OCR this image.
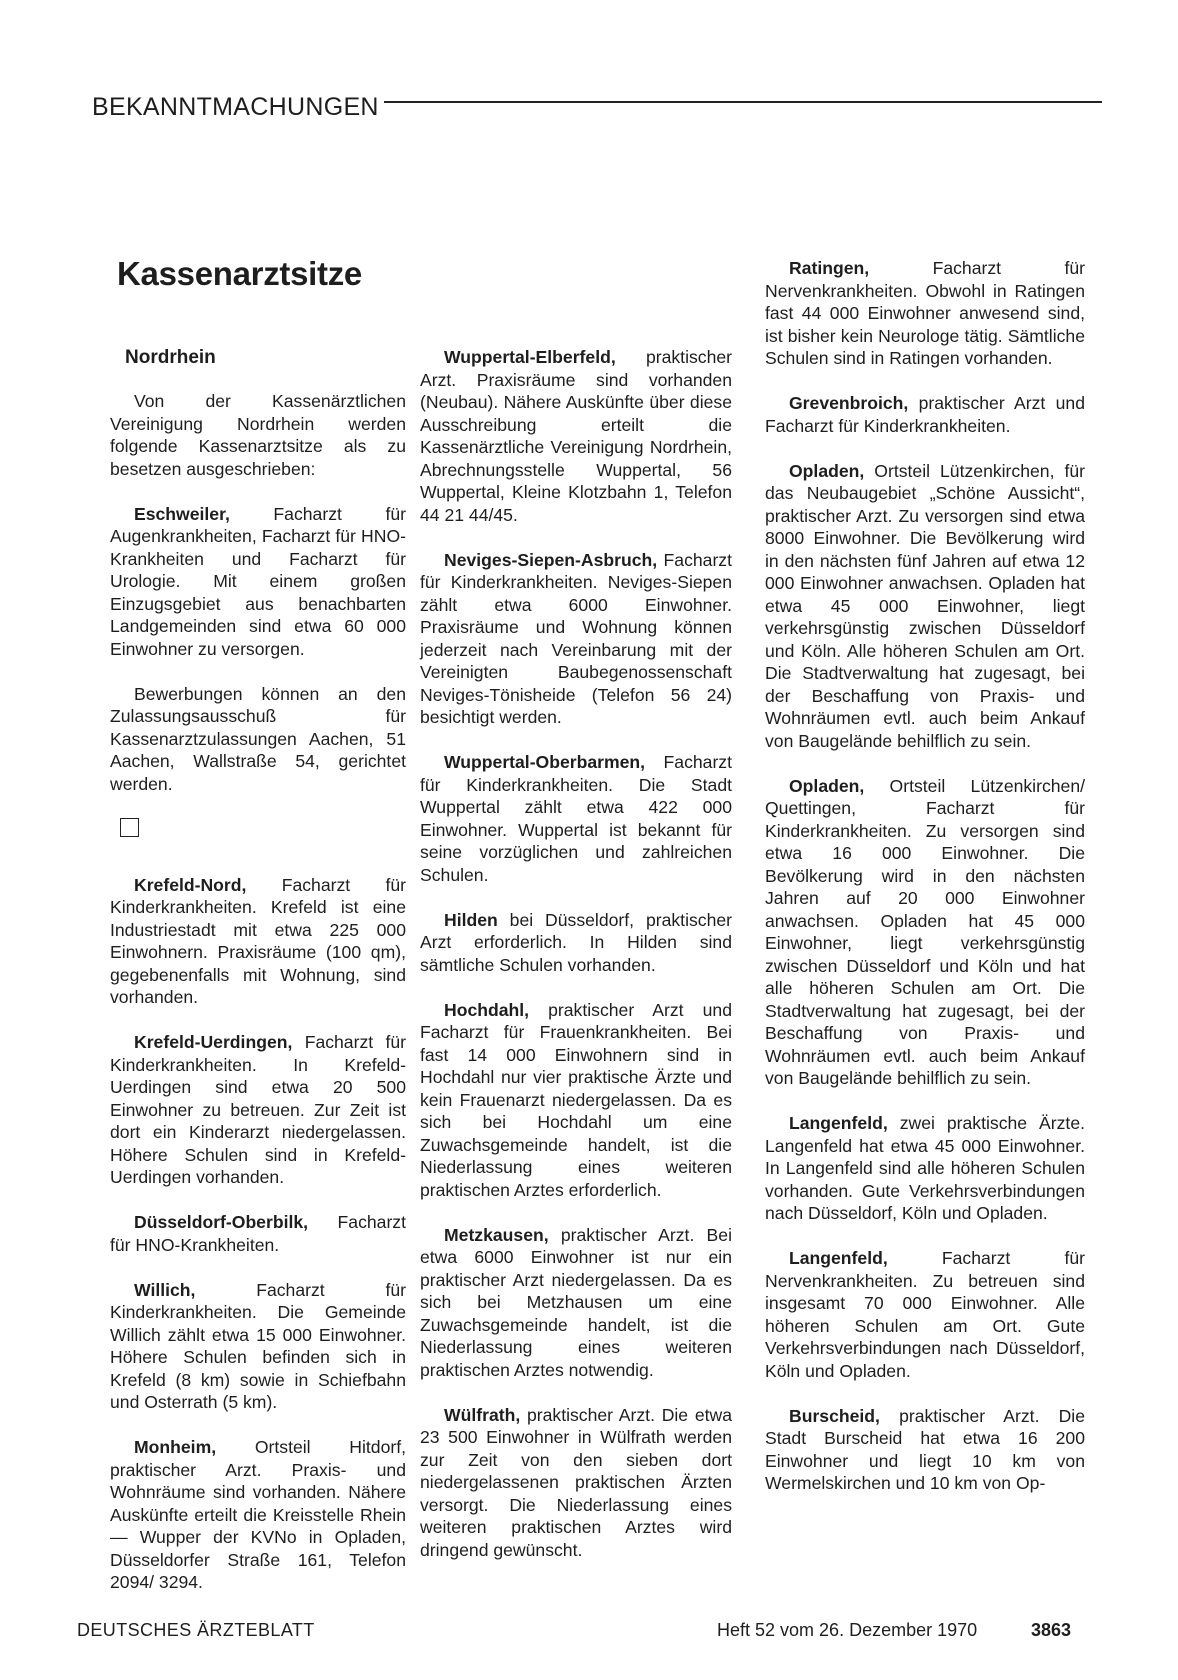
BEKANNTMACHUNGEN
Kassenarztsitze
Nordrhein

Von der Kassenärztlichen Vereinigung Nordrhein werden folgende Kassenarztsitze als zu besetzen ausgeschrieben:

Eschweiler, Facharzt für Augenkrankheiten, Facharzt für HNO-Krankheiten und Facharzt für Urologie. Mit einem großen Einzugsgebiet aus benachbarten Landgemeinden sind etwa 60 000 Einwohner zu versorgen.

Bewerbungen können an den Zulassungsausschuß für Kassenarztzulassungen Aachen, 51 Aachen, Wallstraße 54, gerichtet werden.

Krefeld-Nord, Facharzt für Kinderkrankheiten. Krefeld ist eine Industriestadt mit etwa 225 000 Einwohnern. Praxisräume (100 qm), gegebenenfalls mit Wohnung, sind vorhanden.

Krefeld-Uerdingen, Facharzt für Kinderkrankheiten. In Krefeld-Uerdingen sind etwa 20 500 Einwohner zu betreuen. Zur Zeit ist dort ein Kinderarzt niedergelassen. Höhere Schulen sind in Krefeld-Uerdingen vorhanden.

Düsseldorf-Oberbilk, Facharzt für HNO-Krankheiten.

Willich, Facharzt für Kinderkrankheiten. Die Gemeinde Willich zählt etwa 15 000 Einwohner. Höhere Schulen befinden sich in Krefeld (8 km) sowie in Schiefbahn und Osterrath (5 km).

Monheim, Ortsteil Hitdorf, praktischer Arzt. Praxis- und Wohnräume sind vorhanden. Nähere Auskünfte erteilt die Kreisstelle Rhein — Wupper der KVNo in Opladen, Düsseldorfer Straße 161, Telefon 2094/ 3294.

Wuppertal-Elberfeld, praktischer Arzt. Praxisräume sind vorhanden (Neubau). Nähere Auskünfte über diese Ausschreibung erteilt die Kassenärztliche Vereinigung Nordrhein, Abrechnungsstelle Wuppertal, 56 Wuppertal, Kleine Klotzbahn 1, Telefon 44 21 44/45.

Neviges-Siepen-Asbruch, Facharzt für Kinderkrankheiten. Neviges-Siepen zählt etwa 6000 Einwohner. Praxisräume und Wohnung können jederzeit nach Vereinbarung mit der Vereinigten Baubegenossenschaft Neviges-Tönisheide (Telefon 56 24) besichtigt werden.

Wuppertal-Oberbarmen, Facharzt für Kinderkrankheiten. Die Stadt Wuppertal zählt etwa 422 000 Einwohner. Wuppertal ist bekannt für seine vorzüglichen und zahlreichen Schulen.

Hilden bei Düsseldorf, praktischer Arzt erforderlich. In Hilden sind sämtliche Schulen vorhanden.

Hochdahl, praktischer Arzt und Facharzt für Frauenkrankheiten. Bei fast 14 000 Einwohnern sind in Hochdahl nur vier praktische Ärzte und kein Frauenarzt niedergelassen. Da es sich bei Hochdahl um eine Zuwachsgemeinde handelt, ist die Niederlassung eines weiteren praktischen Arztes erforderlich.

Metzkausen, praktischer Arzt. Bei etwa 6000 Einwohner ist nur ein praktischer Arzt niedergelassen. Da es sich bei Metzhausen um eine Zuwachsgemeinde handelt, ist die Niederlassung eines weiteren praktischen Arztes notwendig.

Wülfrath, praktischer Arzt. Die etwa 23 500 Einwohner in Wülfrath werden zur Zeit von den sieben dort niedergelassenen praktischen Ärzten versorgt. Die Niederlassung eines weiteren praktischen Arztes wird dringend gewünscht.

Ratingen, Facharzt für Nervenkrankheiten. Obwohl in Ratingen fast 44 000 Einwohner anwesend sind, ist bisher kein Neurologe tätig. Sämtliche Schulen sind in Ratingen vorhanden.

Grevenbroich, praktischer Arzt und Facharzt für Kinderkrankheiten.

Opladen, Ortsteil Lützenkirchen, für das Neubaugebiet „Schöne Aussicht“, praktischer Arzt. Zu versorgen sind etwa 8000 Einwohner. Die Bevölkerung wird in den nächsten fünf Jahren auf etwa 12 000 Einwohner anwachsen. Opladen hat etwa 45 000 Einwohner, liegt verkehrsgünstig zwischen Düsseldorf und Köln. Alle höheren Schulen am Ort. Die Stadtverwaltung hat zugesagt, bei der Beschaffung von Praxis- und Wohnräumen evtl. auch beim Ankauf von Baugelände behilflich zu sein.

Opladen, Ortsteil Lützenkirchen/ Quettingen, Facharzt für Kinderkrankheiten. Zu versorgen sind etwa 16 000 Einwohner. Die Bevölkerung wird in den nächsten Jahren auf 20 000 Einwohner anwachsen. Opladen hat 45 000 Einwohner, liegt verkehrsgünstig zwischen Düsseldorf und Köln und hat alle höheren Schulen am Ort. Die Stadtverwaltung hat zugesagt, bei der Beschaffung von Praxis- und Wohnräumen evtl. auch beim Ankauf von Baugelände behilflich zu sein.

Langenfeld, zwei praktische Ärzte. Langenfeld hat etwa 45 000 Einwohner. In Langenfeld sind alle höheren Schulen vorhanden. Gute Verkehrsverbindungen nach Düsseldorf, Köln und Opladen.

Langenfeld, Facharzt für Nervenkrankheiten. Zu betreuen sind insgesamt 70 000 Einwohner. Alle höheren Schulen am Ort. Gute Verkehrsverbindungen nach Düsseldorf, Köln und Opladen.

Burscheid, praktischer Arzt. Die Stadt Burscheid hat etwa 16 200 Einwohner und liegt 10 km von Wermelskirchen und 10 km von Op-

DEUTSCHES ÄRZTEBLATT	Heft 52 vom 26. Dezember 1970	3863
